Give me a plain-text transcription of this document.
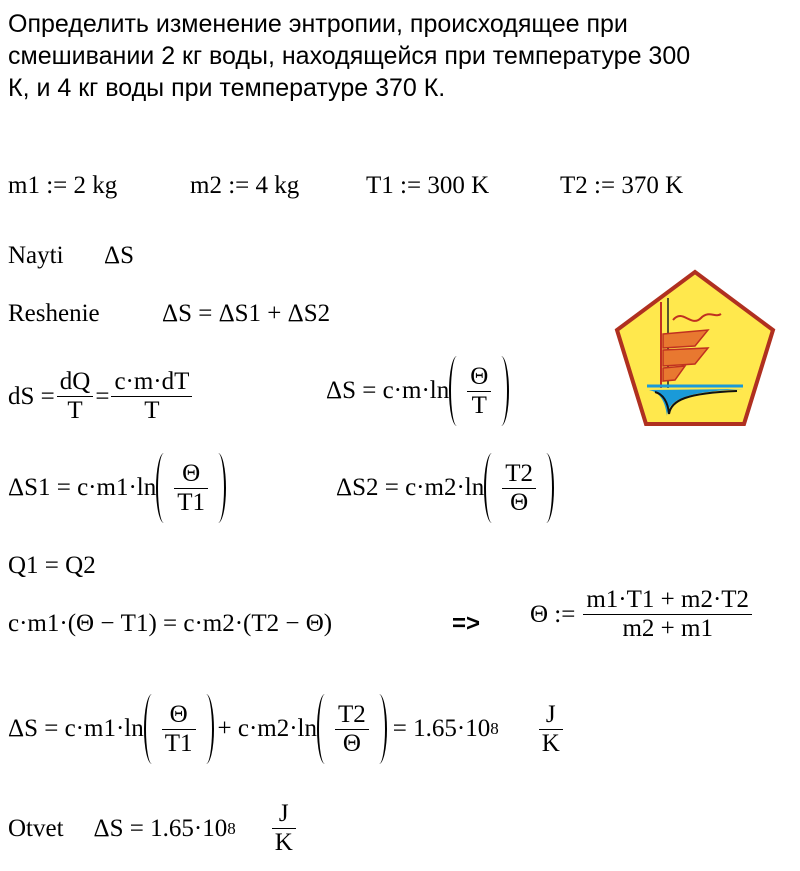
Определить изменение энтропии, происходящее при смешивании 2 кг воды, находящейся при температуре 300 К, и 4 кг воды при температуре 370 К.
m1 := 2 kg	m2 := 4 kg	T1 := 300 K	T2 := 370 K
Nayti ΔS
Reshenie ΔS = ΔS1 + ΔS2
dS = $\frac{dQ}{T} = \frac{c\cdot m\cdot dT}{T}$	$\Delta S = c\cdot m\cdot\ln \frac{\Theta}{T}$
$\Delta S1 = c\cdot m1\cdot\ln \frac{\Theta}{T1}$	$\Delta S2 = c\cdot m2\cdot\ln \frac{T2}{\Theta}$
Q1 = Q2
c·m1·(Θ − T1) = c·m2·(T2 − Θ)	=> Θ := $\frac{m1\cdot T1 + m2\cdot T2}{m2 + m1}$
$\Delta S = c\cdot m1\cdot\ln \frac{\Theta}{T1} + c\cdot m2\cdot\ln \frac{T2}{\Theta} = 1.65\cdot 10$ $8 \frac{J}{K}$
Otvet ΔS = 1.65·10 $8 \frac{J}{K}$
